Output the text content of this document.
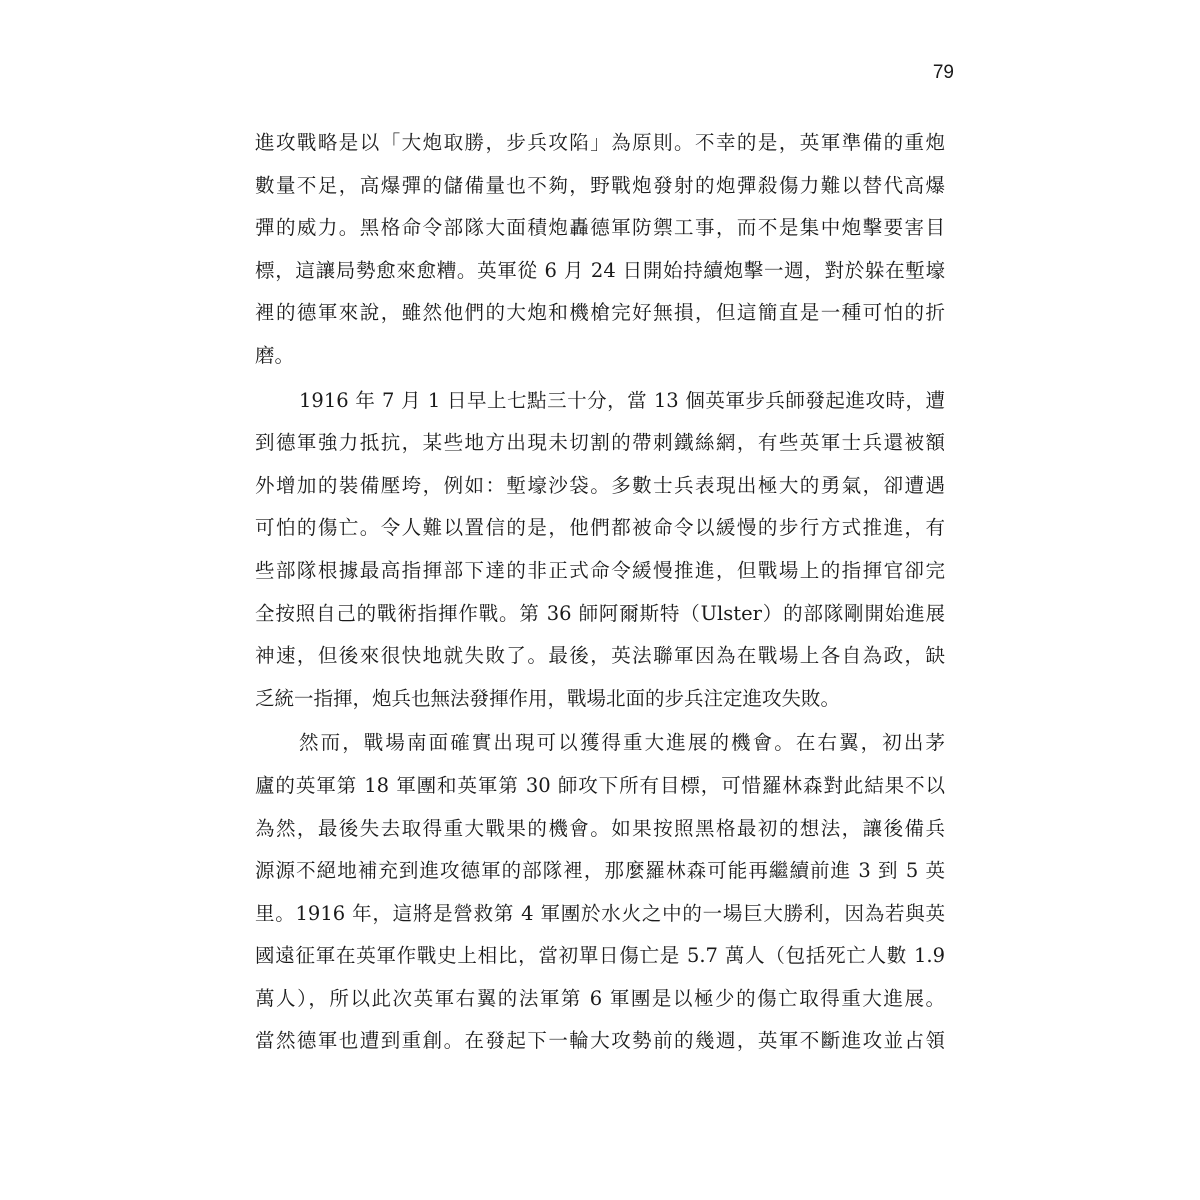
79
進攻戰略是以「大炮取勝，步兵攻陷」為原則。不幸的是，英軍準備的重炮
數量不足，高爆彈的儲備量也不夠，野戰炮發射的炮彈殺傷力難以替代高爆
彈的威力。黑格命令部隊大面積炮轟德軍防禦工事，而不是集中炮擊要害目
標，這讓局勢愈來愈糟。英軍從 6 月 24 日開始持續炮擊一週，對於躲在塹壕
裡的德軍來說，雖然他們的大炮和機槍完好無損，但這簡直是一種可怕的折
磨。
1916 年 7 月 1 日早上七點三十分，當 13 個英軍步兵師發起進攻時，遭
到德軍強力抵抗，某些地方出現未切割的帶刺鐵絲網，有些英軍士兵還被額
外增加的裝備壓垮，例如：塹壕沙袋。多數士兵表現出極大的勇氣，卻遭遇
可怕的傷亡。令人難以置信的是，他們都被命令以緩慢的步行方式推進，有
些部隊根據最高指揮部下達的非正式命令緩慢推進，但戰場上的指揮官卻完
全按照自己的戰術指揮作戰。第 36 師阿爾斯特（Ulster）的部隊剛開始進展
神速，但後來很快地就失敗了。最後，英法聯軍因為在戰場上各自為政，缺
乏統一指揮，炮兵也無法發揮作用，戰場北面的步兵注定進攻失敗。
然而，戰場南面確實出現可以獲得重大進展的機會。在右翼，初出茅
廬的英軍第 18 軍團和英軍第 30 師攻下所有目標，可惜羅林森對此結果不以
為然，最後失去取得重大戰果的機會。如果按照黑格最初的想法，讓後備兵
源源不絕地補充到進攻德軍的部隊裡，那麼羅林森可能再繼續前進 3 到 5 英
里。1916 年，這將是營救第 4 軍團於水火之中的一場巨大勝利，因為若與英
國遠征軍在英軍作戰史上相比，當初單日傷亡是 5.7 萬人（包括死亡人數 1.9
萬人），所以此次英軍右翼的法軍第 6 軍團是以極少的傷亡取得重大進展。
當然德軍也遭到重創。在發起下一輪大攻勢前的幾週，英軍不斷進攻並占領
